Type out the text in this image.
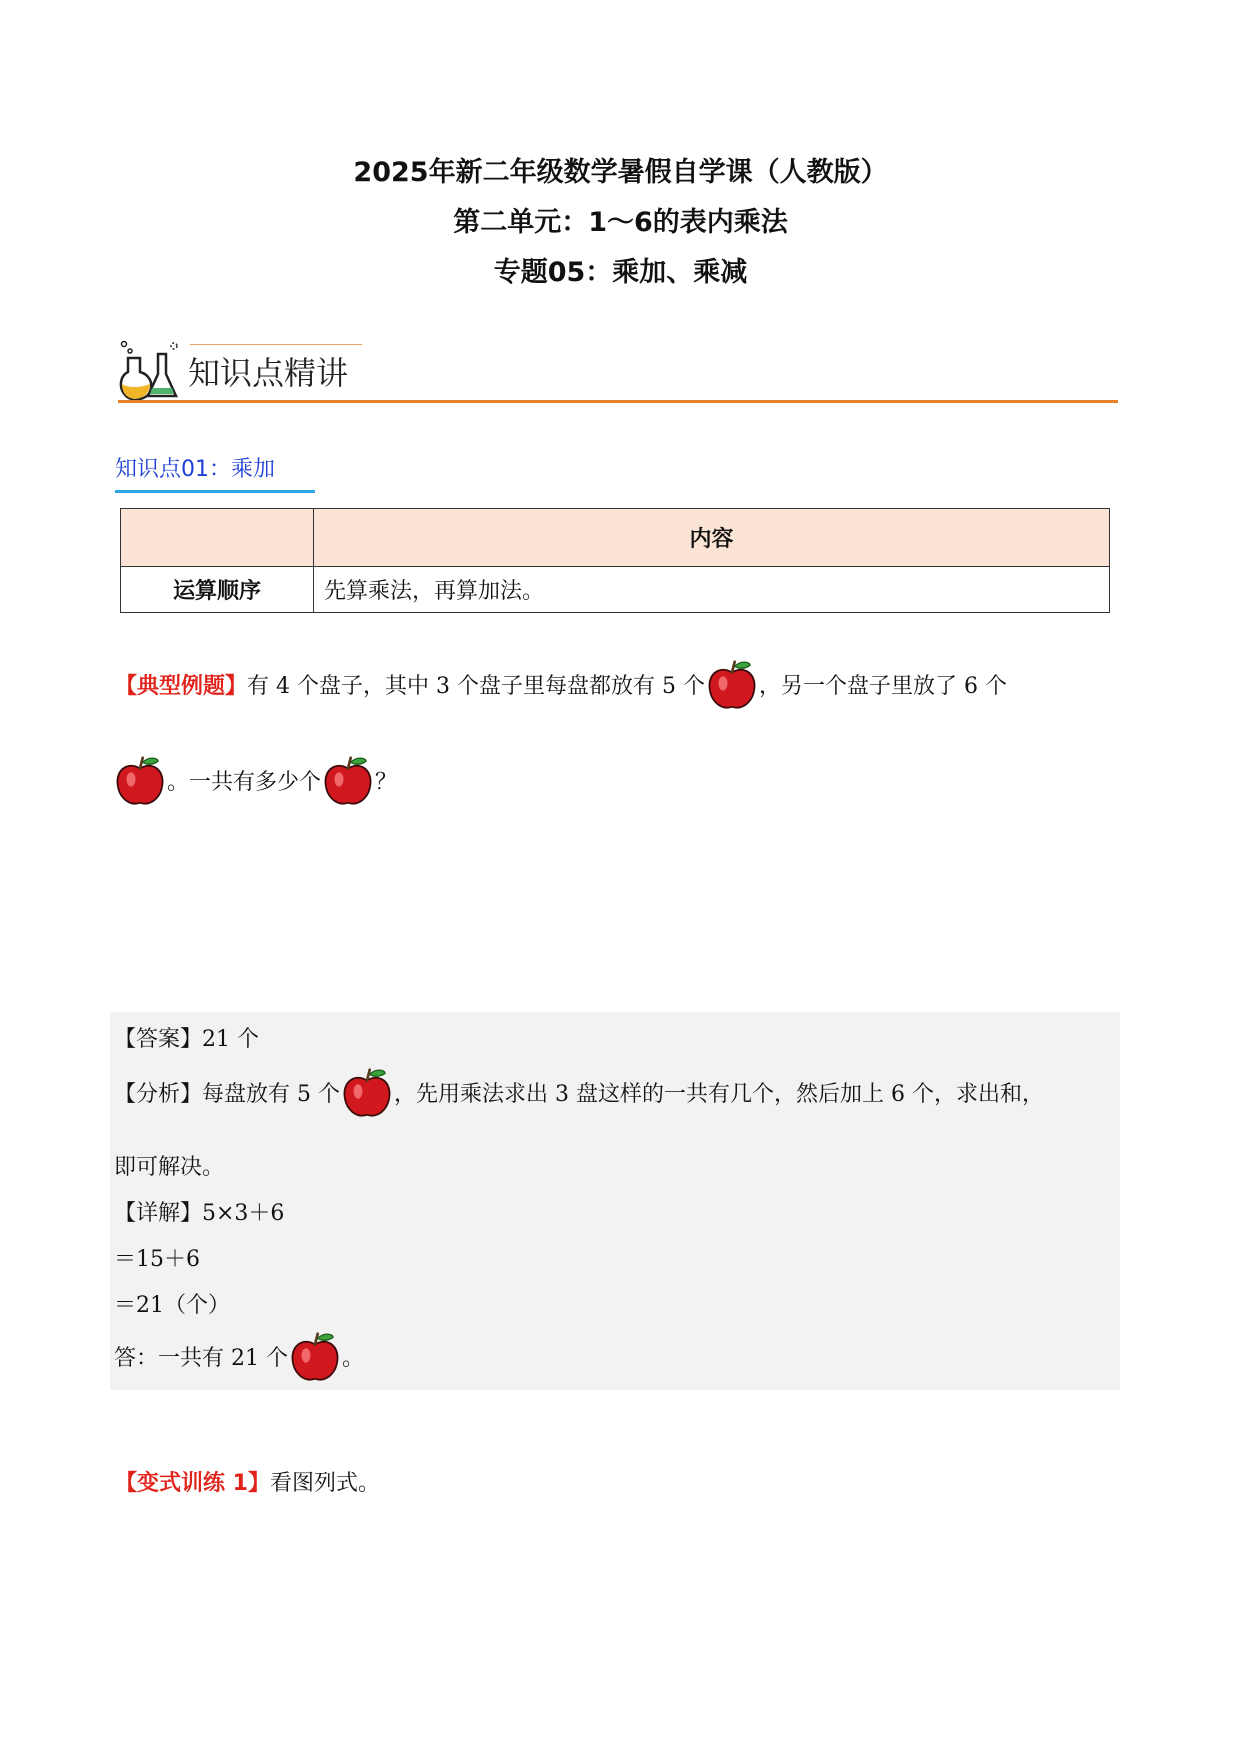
2025年新二年级数学暑假自学课（人教版）
第二单元：1～6的表内乘法
专题05：乘加、乘减
知识点精讲
知识点01：乘加
	内容
运算顺序	先算乘法，再算加法。
【典型例题】有 4 个盘子，其中 3 个盘子里每盘都放有 5 个 ，另一个盘子里放了 6 个
。一共有多少个 ？
【答案】21 个
【分析】每盘放有 5 个 ，先用乘法求出 3 盘这样的一共有几个，然后加上 6 个，求出和，
即可解决。
【详解】5×3＋6
＝15＋6
＝21（个）
答：一共有 21 个 。
【变式训练 1】看图列式。
